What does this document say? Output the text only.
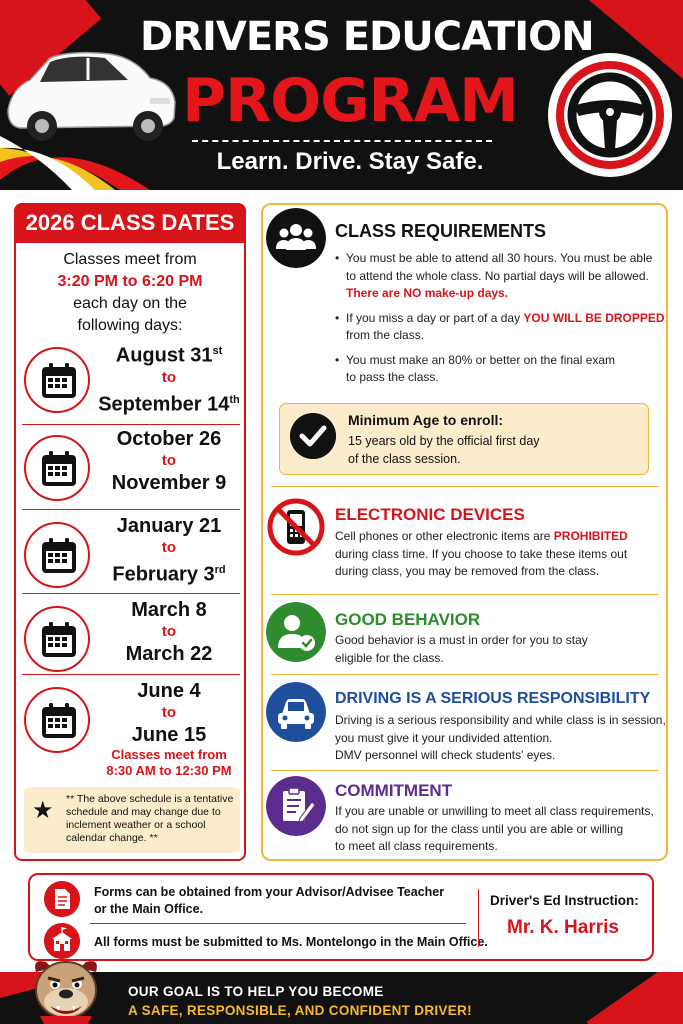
DRIVERS EDUCATION
PROGRAM
Learn. Drive. Stay Safe.
2026 CLASS DATES
Classes meet from
3:20 PM to 6:20 PM
each day on the
following days:
August 31st
to
September 14th
October 26
to
November 9
January 21
to
February 3rd
March 8
to
March 22
June 4
to
June 15
Classes meet from
8:30 AM to 12:30 PM
★ ** The above schedule is a tentative schedule and may change due to inclement weather or a school calendar change. **
CLASS REQUIREMENTS
• You must be able to attend all 30 hours. You must be able
to attend the whole class. No partial days will be allowed.
There are NO make-up days.
• If you miss a day or part of a day YOU WILL BE DROPPED
from the class.
• You must make an 80% or better on the final exam
to pass the class.
Minimum Age to enroll:
15 years old by the official first day
of the class session.
ELECTRONIC DEVICES
Cell phones or other electronic items are PROHIBITED
during class time. If you choose to take these items out
during class, you may be removed from the class.
GOOD BEHAVIOR
Good behavior is a must in order for you to stay
eligible for the class.
DRIVING IS A SERIOUS RESPONSIBILITY
Driving is a serious responsibility and while class is in session,
you must give it your undivided attention.
DMV personnel will check students' eyes.
COMMITMENT
If you are unable or unwilling to meet all class requirements,
do not sign up for the class until you are able or willing
to meet all class requirements.
Forms can be obtained from your Advisor/Advisee Teacher
or the Main Office.
All forms must be submitted to Ms. Montelongo in the Main Office.
Driver's Ed Instruction:
Mr. K. Harris
OUR GOAL IS TO HELP YOU BECOME
A SAFE, RESPONSIBLE, AND CONFIDENT DRIVER!
